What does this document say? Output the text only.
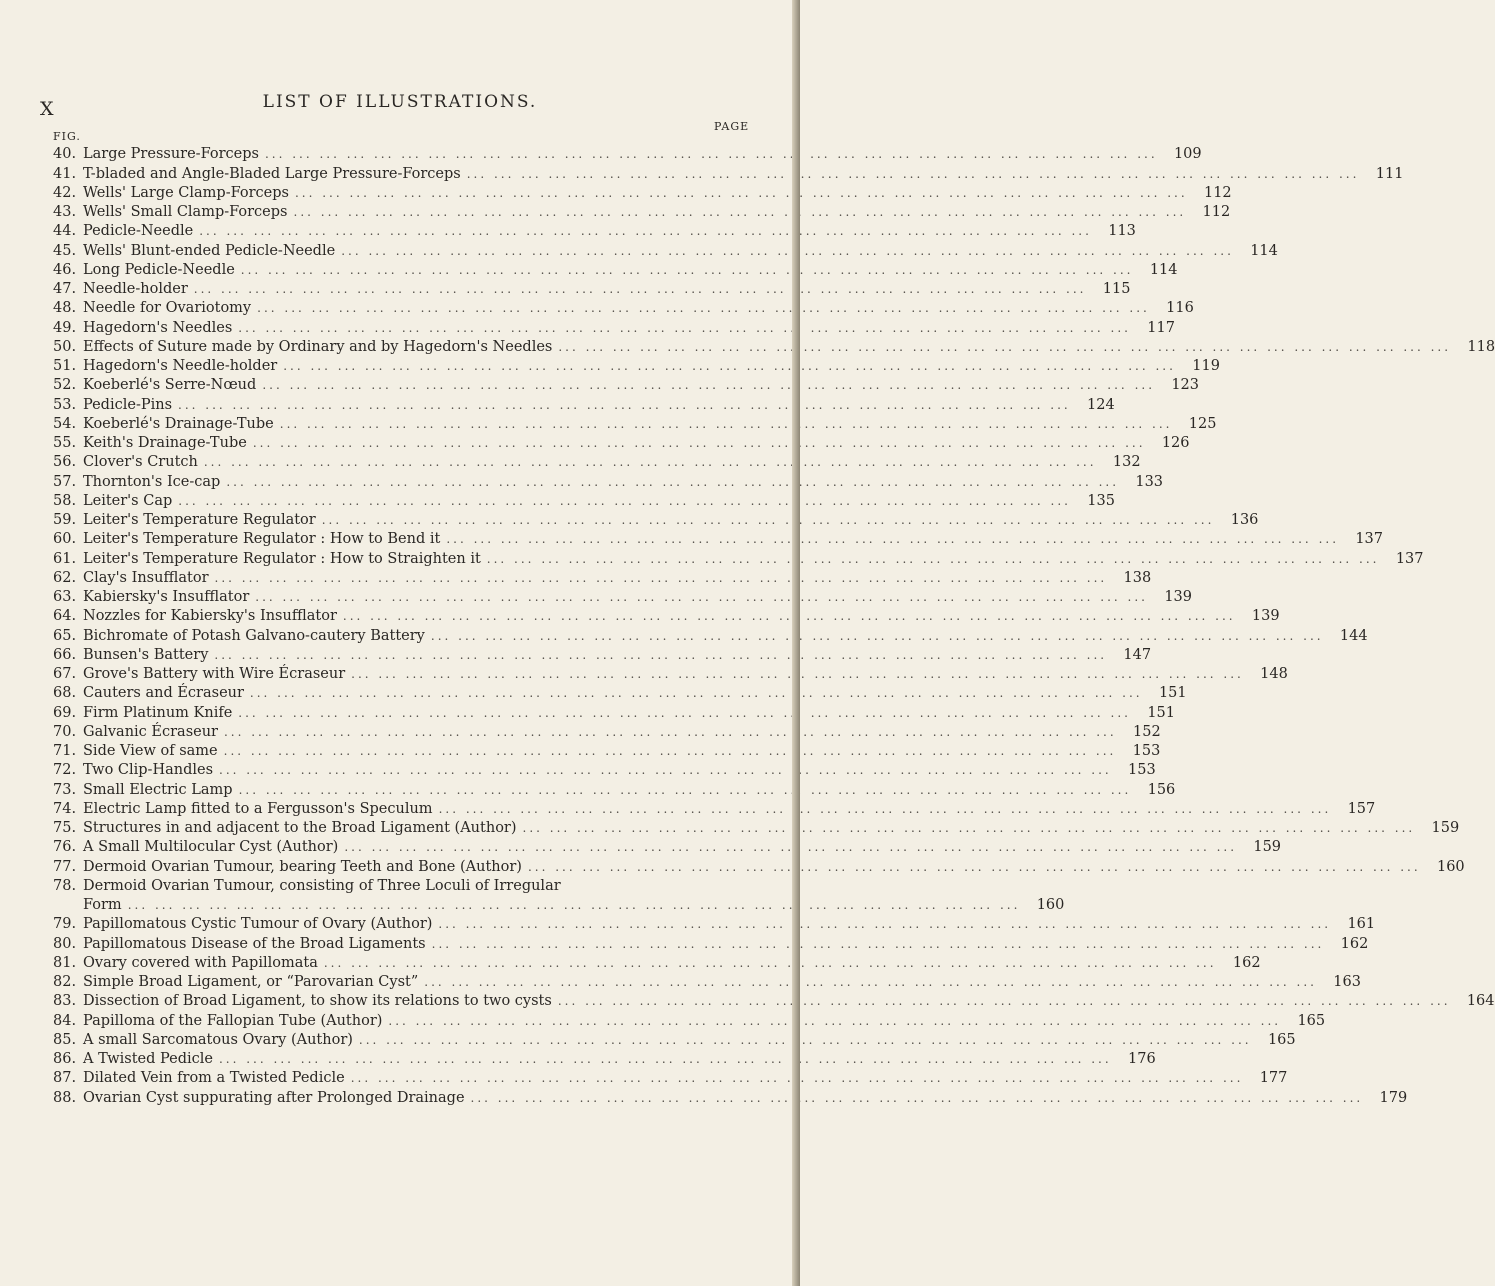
X	LIST OF ILLUSTRATIONS.
FIG.
PAGE
40. Large Pressure-Forceps ... .	109
41. T-bladed and Angle-Bladed Large Pressure-Forceps ... .	111
42. Wells' Large Clamp-Forceps ... .	112
43. Wells' Small Clamp-Forceps ... .	112
44. Pedicle-Needle ... .	113
45. Wells' Blunt-ended Pedicle-Needle ... .	114
46. Long Pedicle-Needle ... .	114
47. Needle-holder ... .	115
48. Needle for Ovariotomy ... .	116
49. Hagedorn's Needles ... .	117
50. Effects of Suture made by Ordinary and by Hagedorn's Needles ... .	118
51. Hagedorn's Needle-holder ... .	119
52. Koeberlé's Serre-Nœud ... .	123
53. Pedicle-Pins ... .	124
54. Koeberlé's Drainage-Tube ... .	125
55. Keith's Drainage-Tube ... .	126
56. Clover's Crutch ... .	132
57. Thornton's Ice-cap ... .	133
58. Leiter's Cap ... .	135
59. Leiter's Temperature Regulator ... .	136
60. Leiter's Temperature Regulator : How to Bend it ... .	137
61. Leiter's Temperature Regulator : How to Straighten it ... .	137
62. Clay's Insufflator ... .	138
63. Kabiersky's Insufflator ... .	139
64. Nozzles for Kabiersky's Insufflator ... .	139
65. Bichromate of Potash Galvano-cautery Battery ... .	144
66. Bunsen's Battery ... .	147
67. Grove's Battery with Wire Écraseur ... .	148
68. Cauters and Écraseur ... .	151
69. Firm Platinum Knife ... .	151
70. Galvanic Écraseur ... .	152
71. Side View of same ... .	153
72. Two Clip-Handles ... .	153
73. Small Electric Lamp ... .	156
74. Electric Lamp fitted to a Fergusson's Speculum ... .	157
75. Structures in and adjacent to the Broad Ligament (Author) ... .	159
76. A Small Multilocular Cyst (Author) ... .	159
77. Dermoid Ovarian Tumour, bearing Teeth and Bone (Author) ... .	160
78. Dermoid Ovarian Tumour, consisting of Three Loculi of Irregular
Form ... .	160
79. Papillomatous Cystic Tumour of Ovary (Author) ... .	161
80. Papillomatous Disease of the Broad Ligaments ... .	162
81. Ovary covered with Papillomata ... .	162
82. Simple Broad Ligament, or “Parovarian Cyst” ... .	163
83. Dissection of Broad Ligament, to show its relations to two cysts ... .	164
84. Papilloma of the Fallopian Tube (Author) ... .	165
85. A small Sarcomatous Ovary (Author) ... .	165
86. A Twisted Pedicle ... .	176
87. Dilated Vein from a Twisted Pedicle ... .	177
88. Ovarian Cyst suppurating after Prolonged Drainage ... .	179
